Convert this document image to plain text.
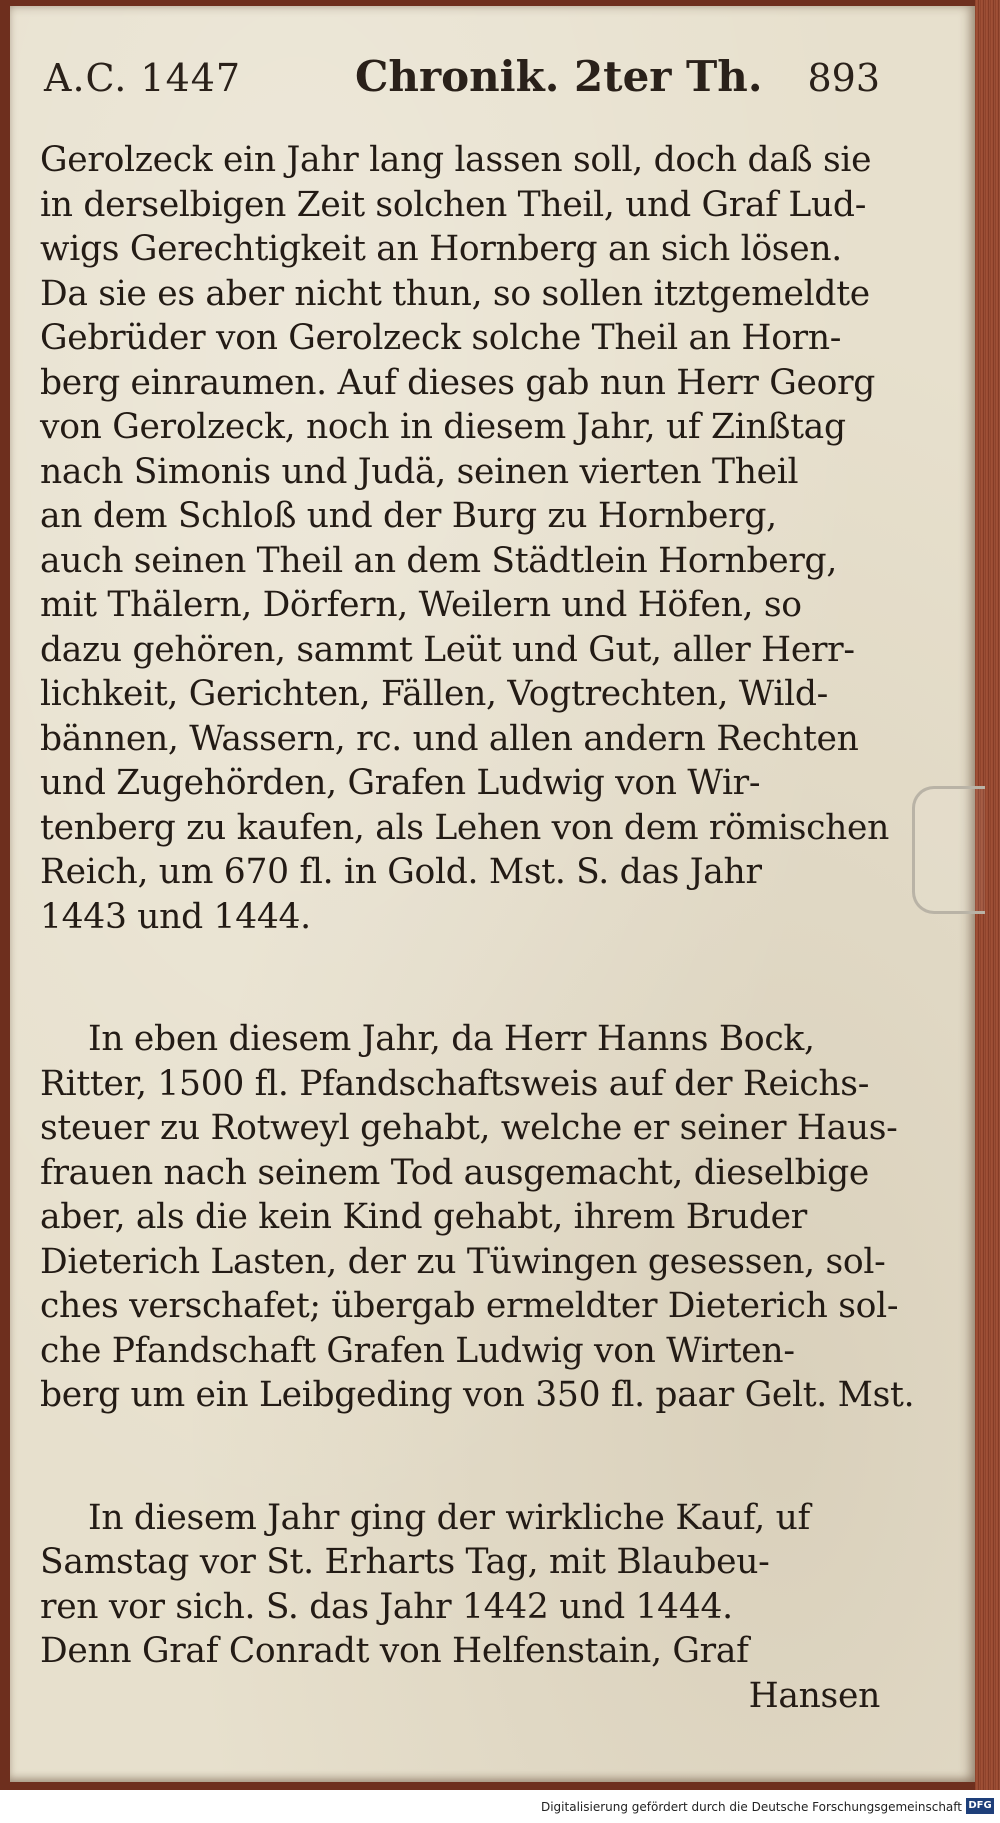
A.C. 1447	Chronik. 2ter Th. 893
Gerolzeck ein Jahr lang lassen soll, doch daß sie
in derselbigen Zeit solchen Theil, und Graf Lud-
wigs Gerechtigkeit an Hornberg an sich lösen.
Da sie es aber nicht thun, so sollen itztgemeldte
Gebrüder von Gerolzeck solche Theil an Horn-
berg einraumen. Auf dieses gab nun Herr Georg
von Gerolzeck, noch in diesem Jahr, uf Zinßtag
nach Simonis und Judä, seinen vierten Theil
an dem Schloß und der Burg zu Hornberg,
auch seinen Theil an dem Städtlein Hornberg,
mit Thälern, Dörfern, Weilern und Höfen, so
dazu gehören, sammt Leüt und Gut, aller Herr-
lichkeit, Gerichten, Fällen, Vogtrechten, Wild-
bännen, Wassern, rc. und allen andern Rechten
und Zugehörden, Grafen Ludwig von Wir-
tenberg zu kaufen, als Lehen von dem römischen
Reich, um 670 fl. in Gold. Mst. S. das Jahr
1443 und 1444.
In eben diesem Jahr, da Herr Hanns Bock,
Ritter, 1500 fl. Pfandschaftsweis auf der Reichs-
steuer zu Rotweyl gehabt, welche er seiner Haus-
frauen nach seinem Tod ausgemacht, dieselbige
aber, als die kein Kind gehabt, ihrem Bruder
Dieterich Lasten, der zu Tüwingen gesessen, sol-
ches verschafet; übergab ermeldter Dieterich sol-
che Pfandschaft Grafen Ludwig von Wirten-
berg um ein Leibgeding von 350 fl. paar Gelt. Mst.
In diesem Jahr ging der wirkliche Kauf, uf
Samstag vor St. Erharts Tag, mit Blaubeu-
ren vor sich. S. das Jahr 1442 und 1444.
Denn Graf Conradt von Helfenstain, Graf
Hansen
Digitalisierung gefördert durch die Deutsche Forschungsgemeinschaft DFG
